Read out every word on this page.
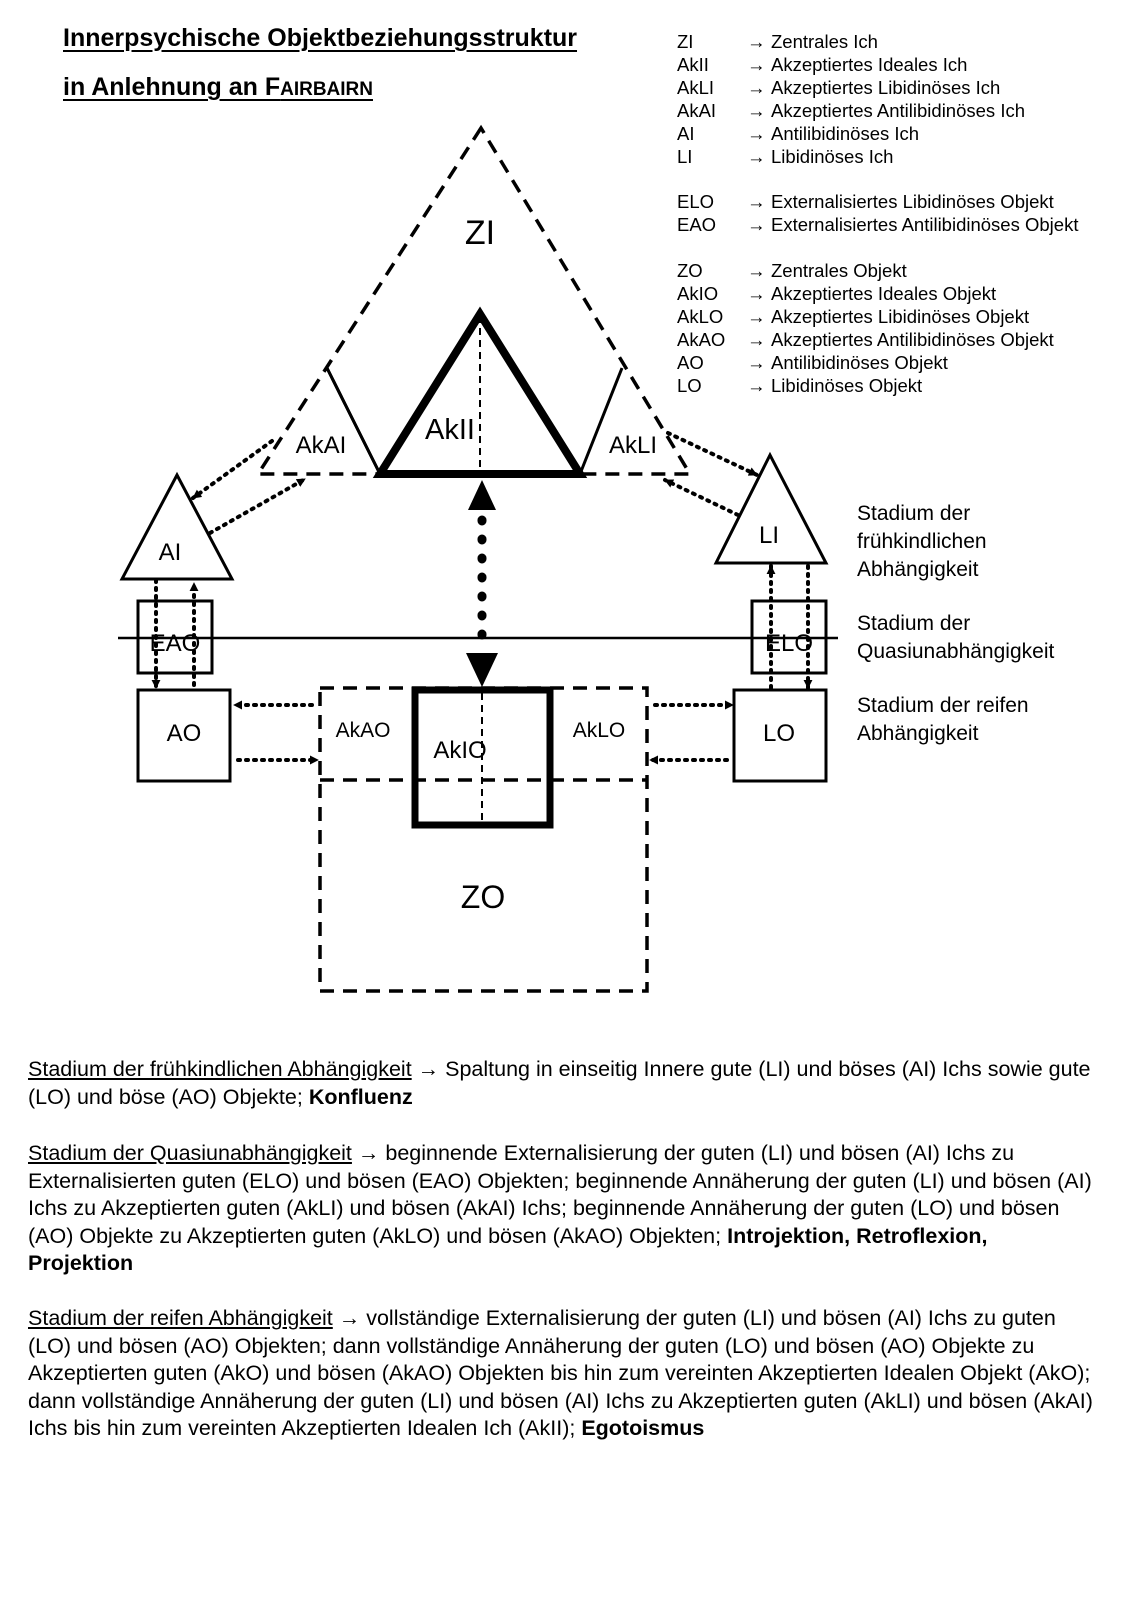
Innerpsychische Objektbeziehungsstruktur
in Anlehnung an FAIRBAIRN
ZI
AkII
AkAI	AkLI
AI
LI
EAO	ELO
AO	LO
AkAO
AkIO
AkLO
ZO
ZI	→ Zentrales Ich
AkII	→ Akzeptiertes Ideales Ich
AkLI	→ Akzeptiertes Libidinöses Ich
AkAI	→ Akzeptiertes Antilibidinöses Ich
AI	→ Antilibidinöses Ich
LI	→ Libidinöses Ich
ELO	→ Externalisiertes Libidinöses Objekt
EAO	→ Externalisiertes Antilibidinöses Objekt
ZO	→ Zentrales Objekt
AkIO	→ Akzeptiertes Ideales Objekt
AkLO	→ Akzeptiertes Libidinöses Objekt
AkAO	→ Akzeptiertes Antilibidinöses Objekt
AO	→ Antilibidinöses Objekt
LO	→ Libidinöses Objekt
Stadium der
frühkindlichen
Abhängigkeit
Stadium der
Quasiunabhängigkeit
Stadium der reifen
Abhängigkeit
Stadium der frühkindlichen Abhängigkeit → Spaltung in einseitig Innere gute (LI) und böses (AI) Ichs sowie gute (LO) und böse (AO) Objekte; Konfluenz
Stadium der Quasiunabhängigkeit → beginnende Externalisierung der guten (LI) und bösen (AI) Ichs zu Externalisierten guten (ELO) und bösen (EAO) Objekten; beginnende Annäherung der guten (LI) und bösen (AI) Ichs zu Akzeptierten guten (AkLI) und bösen (AkAI) Ichs; beginnende Annäherung der guten (LO) und bösen (AO) Objekte zu Akzeptierten guten (AkLO) und bösen (AkAO) Objekten; Introjektion, Retroflexion, Projektion
Stadium der reifen Abhängigkeit → vollständige Externalisierung der guten (LI) und bösen (AI) Ichs zu guten (LO) und bösen (AO) Objekten; dann vollständige Annäherung der guten (LO) und bösen (AO) Objekte zu Akzeptierten guten (AkO) und bösen (AkAO) Objekten bis hin zum vereinten Akzeptierten Idealen Objekt (AkO); dann vollständige Annäherung der guten (LI) und bösen (AI) Ichs zu Akzeptierten guten (AkLI) und bösen (AkAI) Ichs bis hin zum vereinten Akzeptierten Idealen Ich (AkII); Egotoismus
